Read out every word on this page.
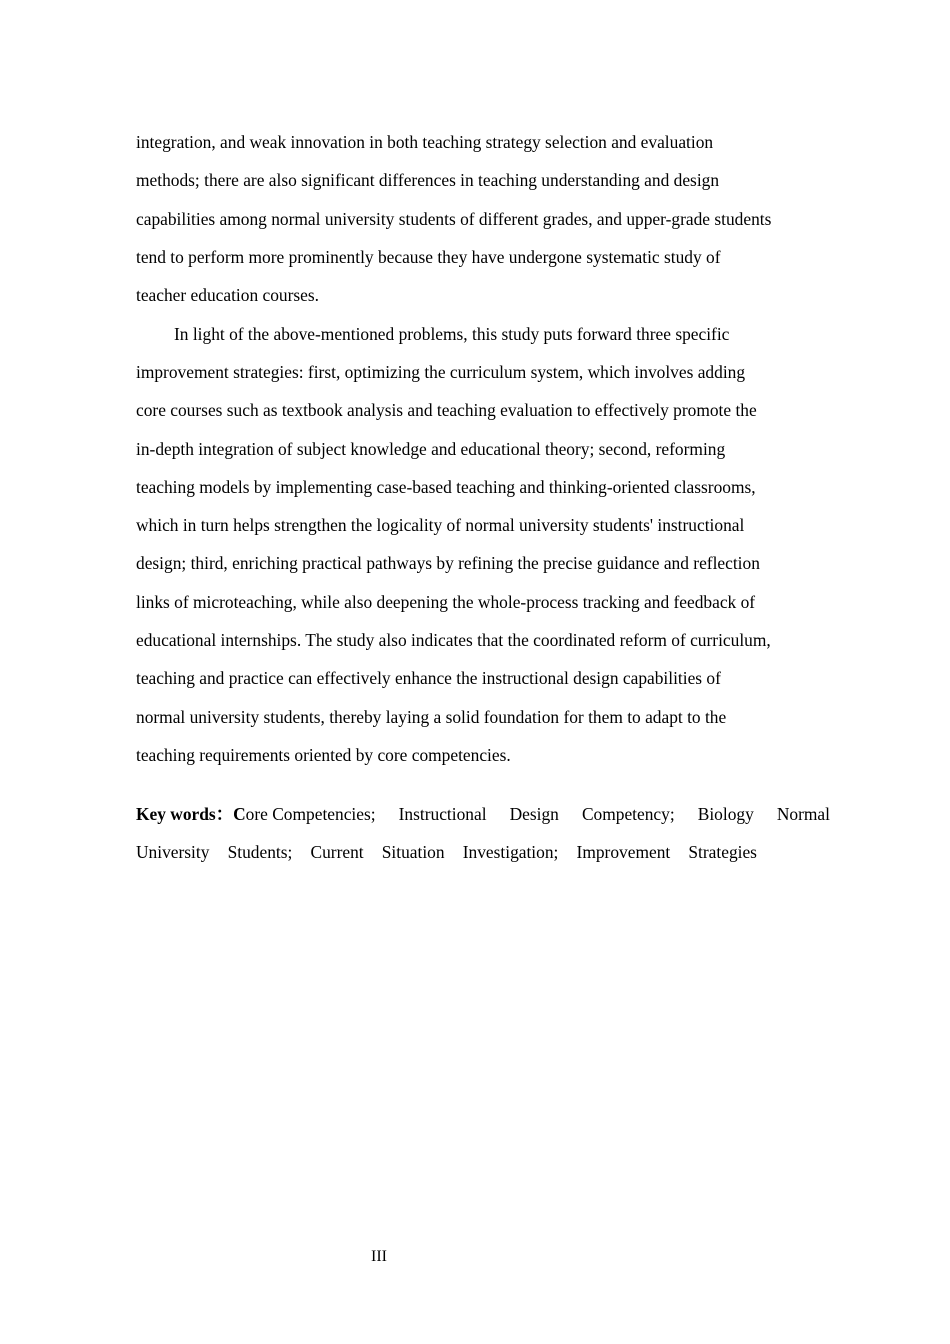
integration, and weak innovation in both teaching strategy selection and evaluation
methods; there are also significant differences in teaching understanding and design
capabilities among normal university students of different grades, and upper-grade students
tend to perform more prominently because they have undergone systematic study of
teacher education courses.
In light of the above-mentioned problems, this study puts forward three specific
improvement strategies: first, optimizing the curriculum system, which involves adding
core courses such as textbook analysis and teaching evaluation to effectively promote the
in-depth integration of subject knowledge and educational theory; second, reforming
teaching models by implementing case-based teaching and thinking-oriented classrooms,
which in turn helps strengthen the logicality of normal university students' instructional
design; third, enriching practical pathways by refining the precise guidance and reflection
links of microteaching, while also deepening the whole-process tracking and feedback of
educational internships. The study also indicates that the coordinated reform of curriculum,
teaching and practice can effectively enhance the instructional design capabilities of
normal university students, thereby laying a solid foundation for them to adapt to the
teaching requirements oriented by core competencies.
Key words：Core Competencies; Instructional Design Competency; Biology Normal
University Students; Current Situation Investigation; Improvement Strategies
III
